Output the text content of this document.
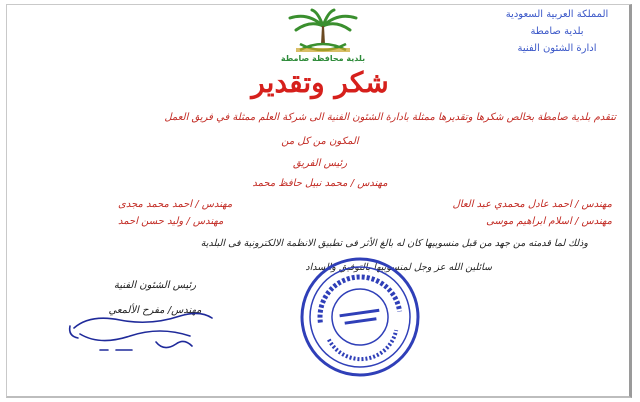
المملكة العربية السعودية
بلدية صامطة
ادارة الشئون الفنية
بلدية محافظة صامطة
شكر وتقدير
تتقدم بلدية صامطة بخالص شكرها وتقديرها ممثلة بادارة الشئون الفنية الى شركة العلم ممثلة في فريق العمل
المكون من كل من
رئيس الفريق
مهندس / محمد نبيل حافظ محمد
مهندس / احمد عادل محمدي عبد العال
مهندس / اسلام ابراهيم موسى
مهندس / احمد محمد مجدى
مهندس / وليد حسن احمد
وذلك لما قدمته من جهد من قبل منسوبيها كان له بالغ الأثر فى تطبيق الانظمة الالكترونية فى البلدية
سائلين الله عز وجل لمنسوبيها بالتوفيق والسداد
رئيس الشئون الفنية
مهندس/ مفرح الألمعي
